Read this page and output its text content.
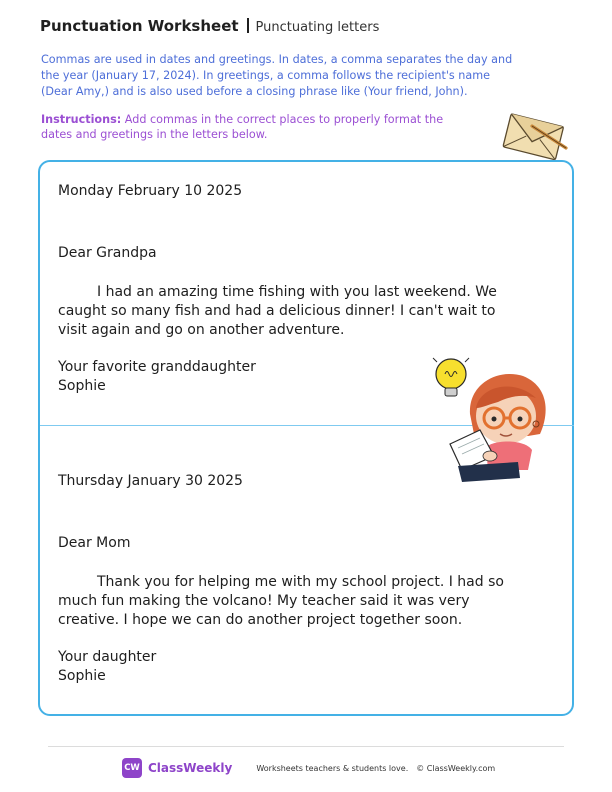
Punctuation Worksheet Punctuating letters

Commas are used in dates and greetings. In dates, a comma separates the day and the year (January 17, 2024). In greetings, a comma follows the recipient's name (Dear Amy,) and is also used before a closing phrase like (Your friend, John).

Instructions: Add commas in the correct places to properly format the dates and greetings in the letters below.

Monday February 10 2025

Dear Grandpa

I had an amazing time fishing with you last weekend. We caught so many fish and had a delicious dinner! I can't wait to visit again and go on another adventure.

Your favorite granddaughter

Sophie

Thursday January 30 2025

Dear Mom

Thank you for helping me with my school project. I had so much fun making the volcano! My teacher said it was very creative. I hope we can do another project together soon.

Your daughter

Sophie

CW ClassWeekly	Worksheets teachers & students love. © ClassWeekly.com
